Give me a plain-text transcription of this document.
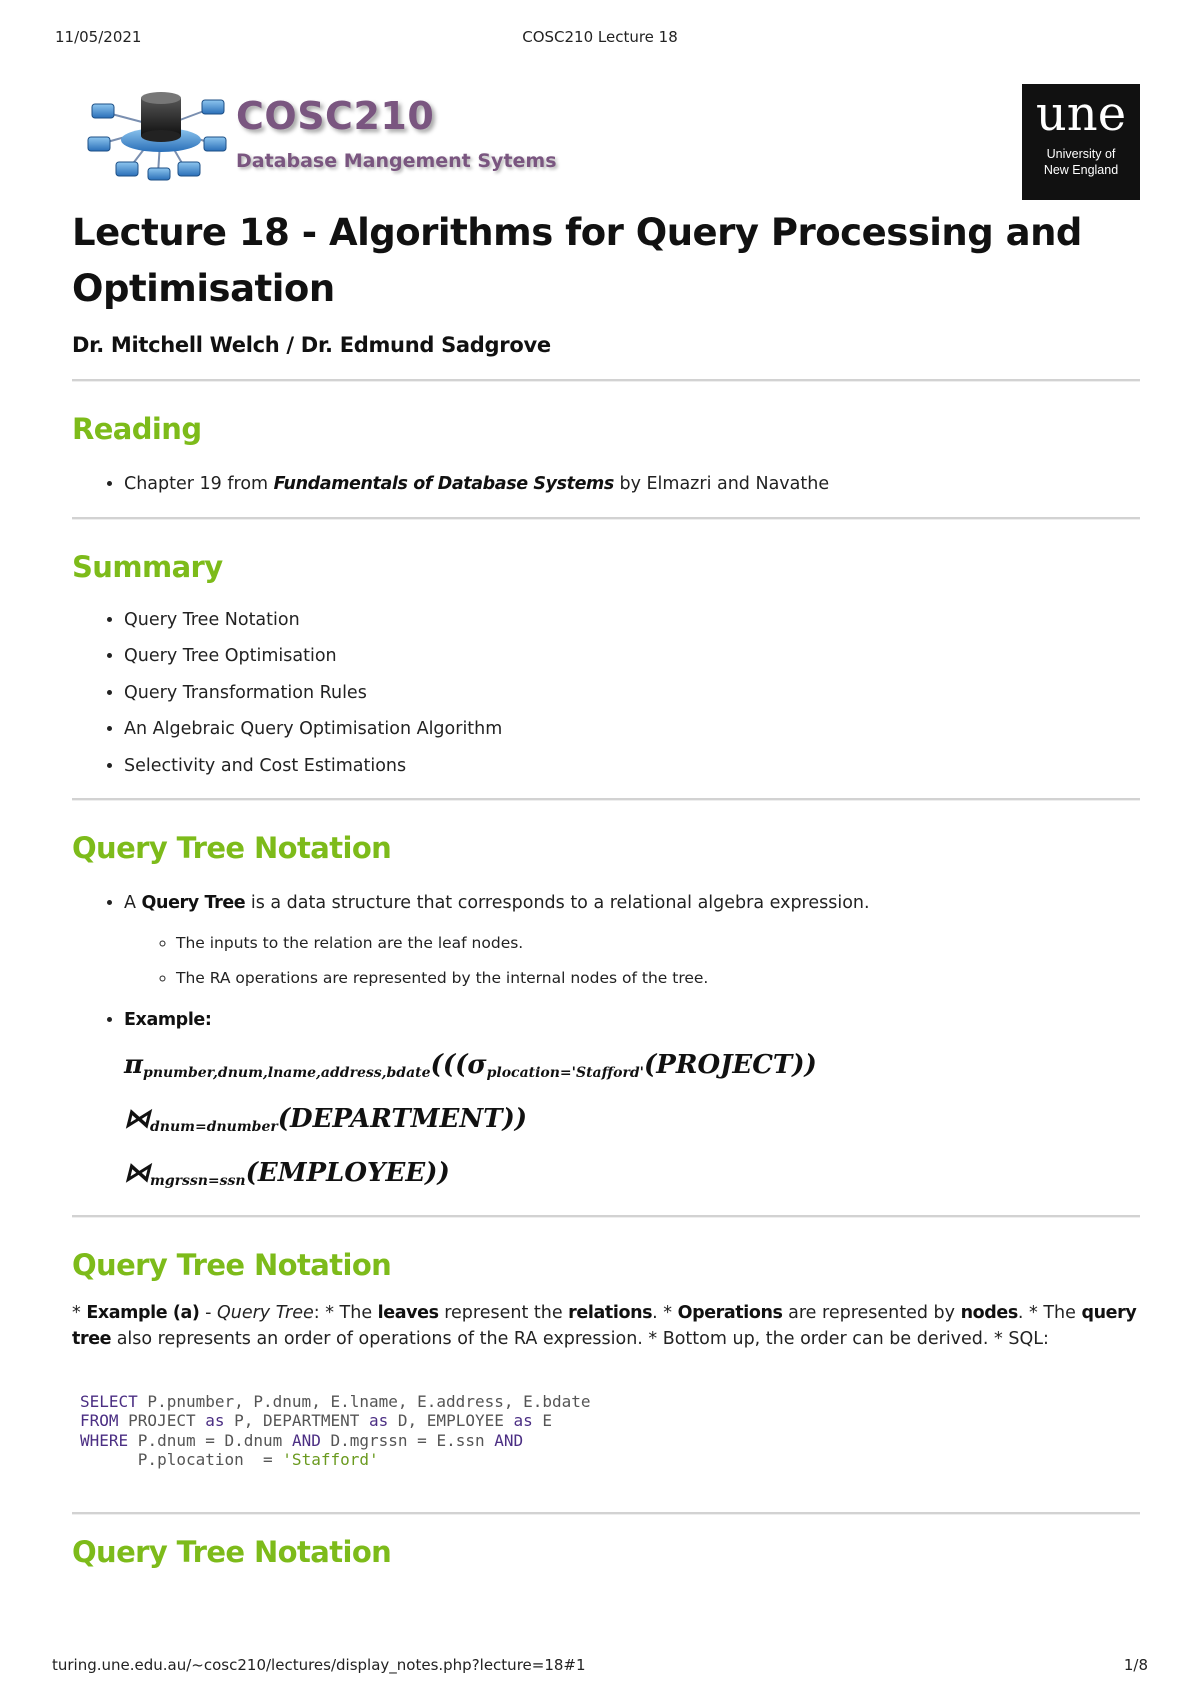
11/05/2021	COSC210 Lecture 18
COSC210
Database Mangement Sytems
une
University of
New England
Lecture 18 - Algorithms for Query Processing and Optimisation
Dr. Mitchell Welch / Dr. Edmund Sadgrove
Reading
• Chapter 19 from Fundamentals of Database Systems by Elmazri and Navathe
Summary
• Query Tree Notation
• Query Tree Optimisation
• Query Transformation Rules
• An Algebraic Query Optimisation Algorithm
• Selectivity and Cost Estimations
Query Tree Notation
• A Query Tree is a data structure that corresponds to a relational algebra expression.
◦ The inputs to the relation are the leaf nodes.
◦ The RA operations are represented by the internal nodes of the tree.
• Example:
$\pi_{pnumber,dnum,lname,address,bdate}(((\sigma_{plocation='Stafford'}(PROJECT))$
$⋈_{dnum=dnumber}(DEPARTMENT)$)
$⋈_{mgrssn=ssn}(EMPLOYEE)$)
Query Tree Notation
* Example (a) - Query Tree: * The leaves represent the relations. * Operations are represented by nodes. * The query tree also represents an order of operations of the RA expression. * Bottom up, the order can be derived. * SQL:
SELECT P.pnumber, P.dnum, E.lname, E.address, E.bdate
FROM PROJECT as P, DEPARTMENT as D, EMPLOYEE as E
WHERE P.dnum = D.dnum AND D.mgrssn = E.ssn AND
P.plocation  = 'Stafford'
Query Tree Notation
turing.une.edu.au/~cosc210/lectures/display_notes.php?lecture=18#1	1/8
